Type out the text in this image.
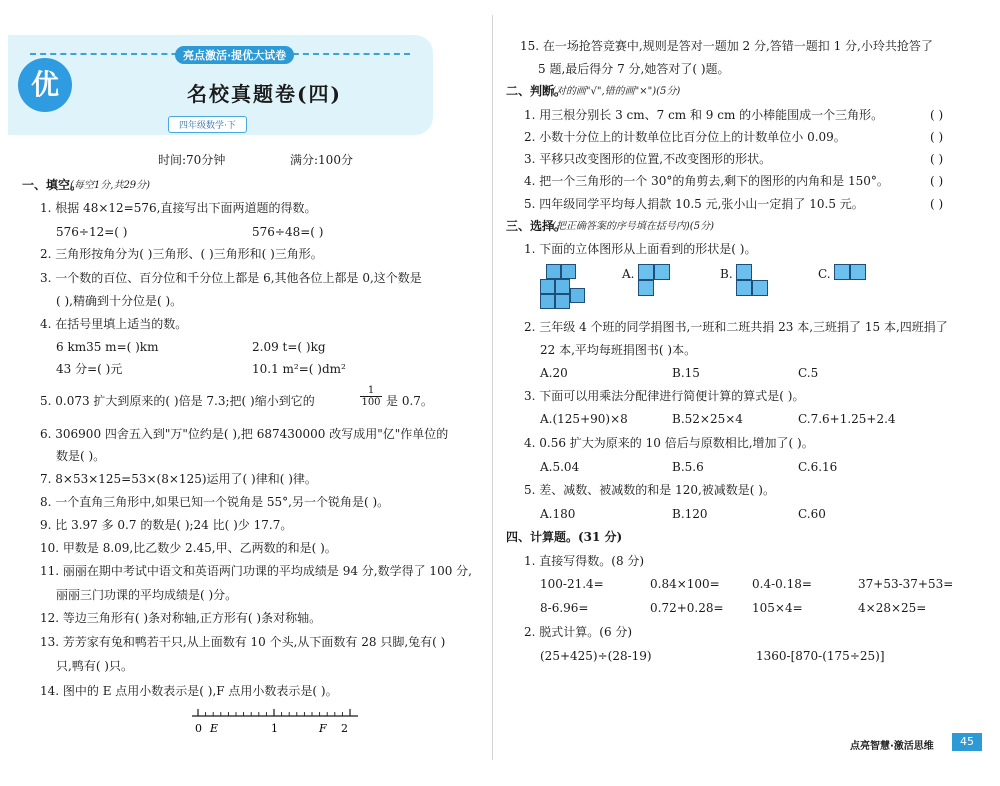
优
亮点激活·提优大试卷
名校真题卷(四)
四年级数学·下
时间:70分钟	满分:100分
一、填空。
(每空1分,共29分)
1. 根据 48×12=576,直接写出下面两道题的得数。
576÷12=( )	576÷48=( )
2. 三角形按角分为( )三角形、( )三角形和( )三角形。
3. 一个数的百位、百分位和千分位上都是 6,其他各位上都是 0,这个数是
( ),精确到十分位是( )。
4. 在括号里填上适当的数。
6 km35 m=( )km	2.09 t=( )kg
43 分=( )元	10.1 m²=( )dm²
5. 0.073 扩大到原来的( )倍是 7.3;把( )缩小到它的	$\frac{1}{100}$ 是 0.7。
6. 306900 四舍五入到"万"位约是( ),把 687430000 改写成用"亿"作单位的
数是( )。
7. 8×53×125=53×(8×125)运用了( )律和( )律。
8. 一个直角三角形中,如果已知一个锐角是 55°,另一个锐角是( )。
9. 比 3.97 多 0.7 的数是( );24 比( )少 17.7。
10. 甲数是 8.09,比乙数少 2.45,甲、乙两数的和是( )。
11. 丽丽在期中考试中语文和英语两门功课的平均成绩是 94 分,数学得了 100 分,
丽丽三门功课的平均成绩是( )分。
12. 等边三角形有( )条对称轴,正方形有( )条对称轴。
13. 芳芳家有兔和鸭若干只,从上面数有 10 个头,从下面数有 28 只脚,兔有( )
只,鸭有( )只。
14. 图中的 E 点用小数表示是( ),F 点用小数表示是( )。
0 E	1	F 2
15. 在一场抢答竞赛中,规则是答对一题加 2 分,答错一题扣 1 分,小玲共抢答了
5 题,最后得分 7 分,她答对了( )题。
二、判断。
(对的画"√",错的画"×")(5分)
1. 用三根分别长 3 cm、7 cm 和 9 cm 的小棒能围成一个三角形。	( )
2. 小数十分位上的计数单位比百分位上的计数单位小 0.09。	( )
3. 平移只改变图形的位置,不改变图形的形状。	( )
4. 把一个三角形的一个 30°的角剪去,剩下的图形的内角和是 150°。	( )
5. 四年级同学平均每人捐款 10.5 元,张小山一定捐了 10.5 元。	( )
三、选择。
(把正确答案的序号填在括号内)(5分)
1. 下面的立体图形从上面看到的形状是( )。
A.	B.	C.
2. 三年级 4 个班的同学捐图书,一班和二班共捐 23 本,三班捐了 15 本,四班捐了
22 本,平均每班捐图书( )本。
A.20	B.15	C.5
3. 下面可以用乘法分配律进行简便计算的算式是( )。
A.(125+90)×8	B.52×25×4	C.7.6+1.25+2.4
4. 0.56 扩大为原来的 10 倍后与原数相比,增加了( )。
A.5.04	B.5.6	C.6.16
5. 差、减数、被减数的和是 120,被减数是( )。
A.180	B.120	C.60
四、计算题。(31 分)
1. 直接写得数。(8 分)
100-21.4=	0.84×100=	0.4-0.18=	37+53-37+53=
8-6.96=	0.72+0.28= 105×4=	4×28×25=
2. 脱式计算。(6 分)
(25+425)÷(28-19)	1360-[870-(175÷25)]
点亮智慧·激活思维	45
